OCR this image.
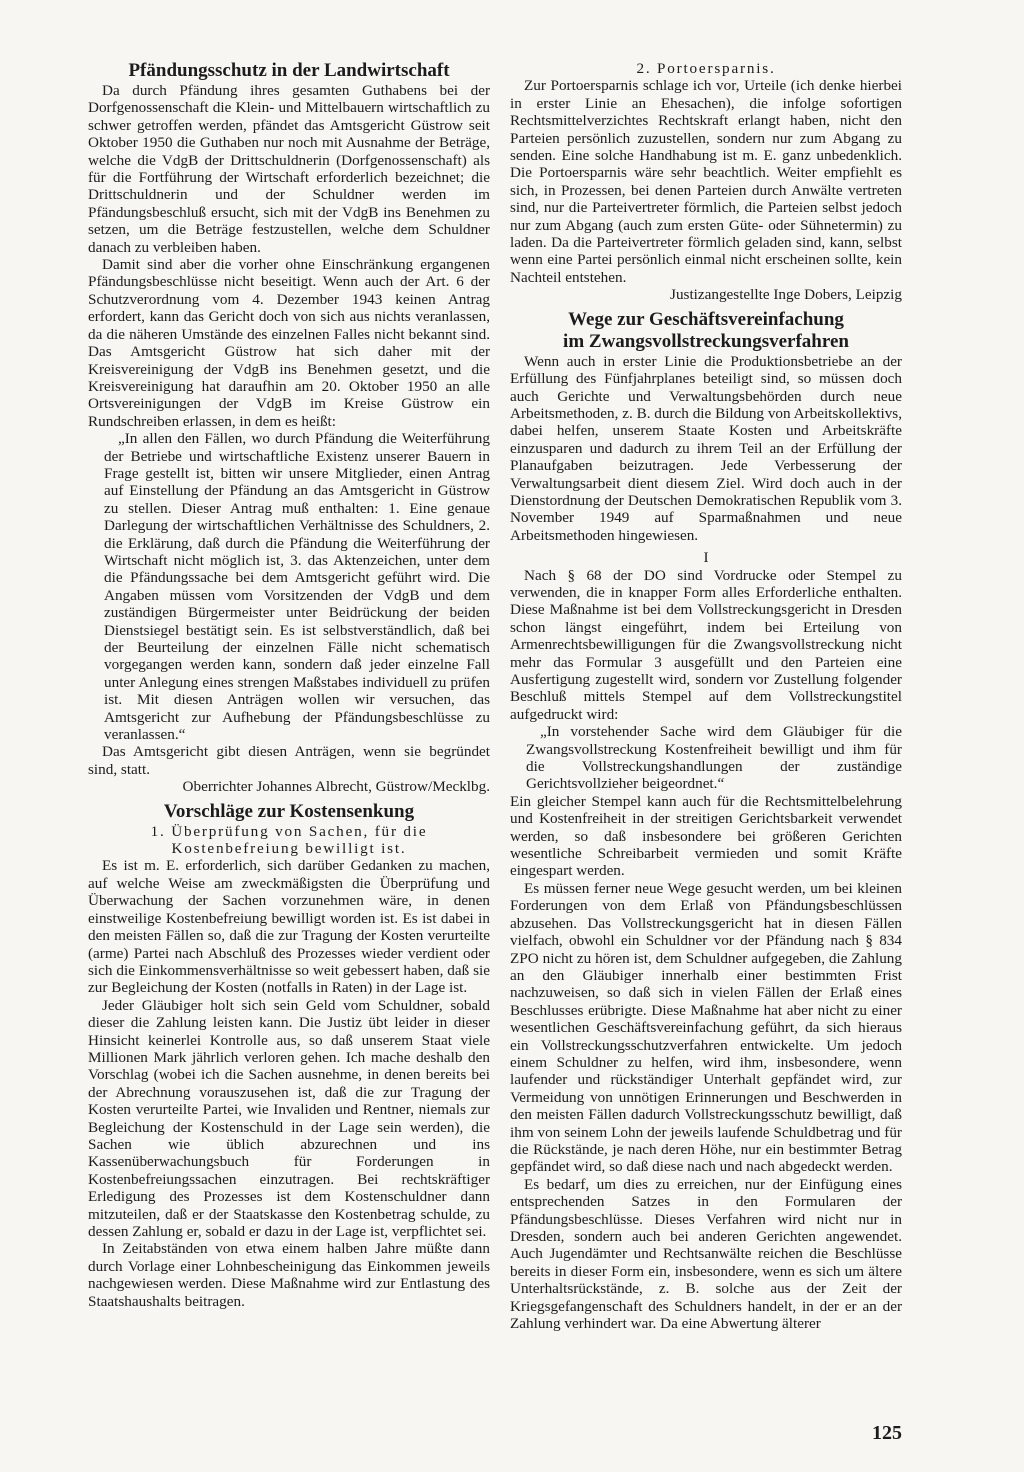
Pfändungsschutz in der Landwirtschaft

Da durch Pfändung ihres gesamten Guthabens bei der Dorfgenossenschaft die Klein- und Mittelbauern wirtschaftlich zu schwer getroffen werden, pfändet das Amtsgericht Güstrow seit Oktober 1950 die Guthaben nur noch mit Ausnahme der Beträge, welche die VdgB der Drittschuldnerin (Dorfgenossenschaft) als für die Fortführung der Wirtschaft erforderlich bezeichnet; die Drittschuldnerin und der Schuldner werden im Pfändungsbeschluß ersucht, sich mit der VdgB ins Benehmen zu setzen, um die Beträge festzustellen, welche dem Schuldner danach zu verbleiben haben.

Damit sind aber die vorher ohne Einschränkung ergangenen Pfändungsbeschlüsse nicht beseitigt. Wenn auch der Art. 6 der Schutzverordnung vom 4. Dezember 1943 keinen Antrag erfordert, kann das Gericht doch von sich aus nichts veranlassen, da die näheren Umstände des einzelnen Falles nicht bekannt sind. Das Amtsgericht Güstrow hat sich daher mit der Kreisvereinigung der VdgB ins Benehmen gesetzt, und die Kreisvereinigung hat daraufhin am 20. Oktober 1950 an alle Ortsvereinigungen der VdgB im Kreise Güstrow ein Rundschreiben erlassen, in dem es heißt:

„In allen den Fällen, wo durch Pfändung die Weiterführung der Betriebe und wirtschaftliche Existenz unserer Bauern in Frage gestellt ist, bitten wir unsere Mitglieder, einen Antrag auf Einstellung der Pfändung an das Amtsgericht in Güstrow zu stellen. Dieser Antrag muß enthalten: 1. Eine genaue Darlegung der wirtschaftlichen Verhältnisse des Schuldners, 2. die Erklärung, daß durch die Pfändung die Weiterführung der Wirtschaft nicht möglich ist, 3. das Aktenzeichen, unter dem die Pfändungssache bei dem Amtsgericht geführt wird. Die Angaben müssen vom Vorsitzenden der VdgB und dem zuständigen Bürgermeister unter Beidrückung der beiden Dienstsiegel bestätigt sein. Es ist selbstverständlich, daß bei der Beurteilung der einzelnen Fälle nicht schematisch vorgegangen werden kann, sondern daß jeder einzelne Fall unter Anlegung eines strengen Maßstabes individuell zu prüfen ist. Mit diesen Anträgen wollen wir versuchen, das Amtsgericht zur Aufhebung der Pfändungsbeschlüsse zu veranlassen.“

Das Amtsgericht gibt diesen Anträgen, wenn sie begründet sind, statt.

Oberrichter Johannes Albrecht, Güstrow/Mecklbg.

Vorschläge zur Kostensenkung

1. Überprüfung von Sachen, für die

Kostenbefreiung bewilligt ist.

Es ist m. E. erforderlich, sich darüber Gedanken zu machen, auf welche Weise am zweckmäßigsten die Überprüfung und Überwachung der Sachen vorzunehmen wäre, in denen einstweilige Kostenbefreiung bewilligt worden ist. Es ist dabei in den meisten Fällen so, daß die zur Tragung der Kosten verurteilte (arme) Partei nach Abschluß des Prozesses wieder verdient oder sich die Einkommensverhältnisse so weit gebessert haben, daß sie zur Begleichung der Kosten (notfalls in Raten) in der Lage ist.

Jeder Gläubiger holt sich sein Geld vom Schuldner, sobald dieser die Zahlung leisten kann. Die Justiz übt leider in dieser Hinsicht keinerlei Kontrolle aus, so daß unserem Staat viele Millionen Mark jährlich verloren gehen. Ich mache deshalb den Vorschlag (wobei ich die Sachen ausnehme, in denen bereits bei der Abrechnung vorauszusehen ist, daß die zur Tragung der Kosten verurteilte Partei, wie Invaliden und Rentner, niemals zur Begleichung der Kostenschuld in der Lage sein werden), die Sachen wie üblich abzurechnen und ins Kassenüberwachungsbuch für Forderungen in Kostenbefreiungssachen einzutragen. Bei rechtskräftiger Erledigung des Prozesses ist dem Kostenschuldner dann mitzuteilen, daß er der Staatskasse den Kostenbetrag schulde, zu dessen Zahlung er, sobald er dazu in der Lage ist, verpflichtet sei.

In Zeitabständen von etwa einem halben Jahre müßte dann durch Vorlage einer Lohnbescheinigung das Einkommen jeweils nachgewiesen werden. Diese Maßnahme wird zur Entlastung des Staatshaushalts beitragen.

2. Portoersparnis.

Zur Portoersparnis schlage ich vor, Urteile (ich denke hierbei in erster Linie an Ehesachen), die infolge sofortigen Rechtsmittelverzichtes Rechtskraft erlangt haben, nicht den Parteien persönlich zuzustellen, sondern nur zum Abgang zu senden. Eine solche Handhabung ist m. E. ganz unbedenklich. Die Portoersparnis wäre sehr beachtlich. Weiter empfiehlt es sich, in Prozessen, bei denen Parteien durch Anwälte vertreten sind, nur die Parteivertreter förmlich, die Parteien selbst jedoch nur zum Abgang (auch zum ersten Güte- oder Sühnetermin) zu laden. Da die Parteivertreter förmlich geladen sind, kann, selbst wenn eine Partei persönlich einmal nicht erscheinen sollte, kein Nachteil entstehen.

Justizangestellte Inge Dobers, Leipzig

Wege zur Geschäftsvereinfachung

im Zwangsvollstreckungsverfahren

Wenn auch in erster Linie die Produktionsbetriebe an der Erfüllung des Fünfjahrplanes beteiligt sind, so müssen doch auch Gerichte und Verwaltungsbehörden durch neue Arbeitsmethoden, z. B. durch die Bildung von Arbeitskollektivs, dabei helfen, unserem Staate Kosten und Arbeitskräfte einzusparen und dadurch zu ihrem Teil an der Erfüllung der Planaufgaben beizutragen. Jede Verbesserung der Verwaltungsarbeit dient diesem Ziel. Wird doch auch in der Dienstordnung der Deutschen Demokratischen Republik vom 3. November 1949 auf Sparmaßnahmen und neue Arbeitsmethoden hingewiesen.

I

Nach § 68 der DO sind Vordrucke oder Stempel zu verwenden, die in knapper Form alles Erforderliche enthalten. Diese Maßnahme ist bei dem Vollstreckungsgericht in Dresden schon längst eingeführt, indem bei Erteilung von Armenrechtsbewilligungen für die Zwangsvollstreckung nicht mehr das Formular 3 ausgefüllt und den Parteien eine Ausfertigung zugestellt wird, sondern vor Zustellung folgender Beschluß mittels Stempel auf dem Vollstreckungstitel aufgedruckt wird:

„In vorstehender Sache wird dem Gläubiger für die Zwangsvollstreckung Kostenfreiheit bewilligt und ihm für die Vollstreckungshandlungen der zuständige Gerichtsvollzieher beigeordnet.“

Ein gleicher Stempel kann auch für die Rechtsmittelbelehrung und Kostenfreiheit in der streitigen Gerichtsbarkeit verwendet werden, so daß insbesondere bei größeren Gerichten wesentliche Schreibarbeit vermieden und somit Kräfte eingespart werden.

Es müssen ferner neue Wege gesucht werden, um bei kleinen Forderungen von dem Erlaß von Pfändungsbeschlüssen abzusehen. Das Vollstreckungsgericht hat in diesen Fällen vielfach, obwohl ein Schuldner vor der Pfändung nach § 834 ZPO nicht zu hören ist, dem Schuldner aufgegeben, die Zahlung an den Gläubiger innerhalb einer bestimmten Frist nachzuweisen, so daß sich in vielen Fällen der Erlaß eines Beschlusses erübrigte. Diese Maßnahme hat aber nicht zu einer wesentlichen Geschäftsvereinfachung geführt, da sich hieraus ein Vollstreckungsschutzverfahren entwickelte. Um jedoch einem Schuldner zu helfen, wird ihm, insbesondere, wenn laufender und rückständiger Unterhalt gepfändet wird, zur Vermeidung von unnötigen Erinnerungen und Beschwerden in den meisten Fällen dadurch Vollstreckungsschutz bewilligt, daß ihm von seinem Lohn der jeweils laufende Schuldbetrag und für die Rückstände, je nach deren Höhe, nur ein bestimmter Betrag gepfändet wird, so daß diese nach und nach abgedeckt werden.

Es bedarf, um dies zu erreichen, nur der Einfügung eines entsprechenden Satzes in den Formularen der Pfändungsbeschlüsse. Dieses Verfahren wird nicht nur in Dresden, sondern auch bei anderen Gerichten angewendet. Auch Jugendämter und Rechtsanwälte reichen die Beschlüsse bereits in dieser Form ein, insbesondere, wenn es sich um ältere Unterhaltsrückstände, z. B. solche aus der Zeit der Kriegsgefangenschaft des Schuldners handelt, in der er an der Zahlung verhindert war. Da eine Abwertung älterer

125
